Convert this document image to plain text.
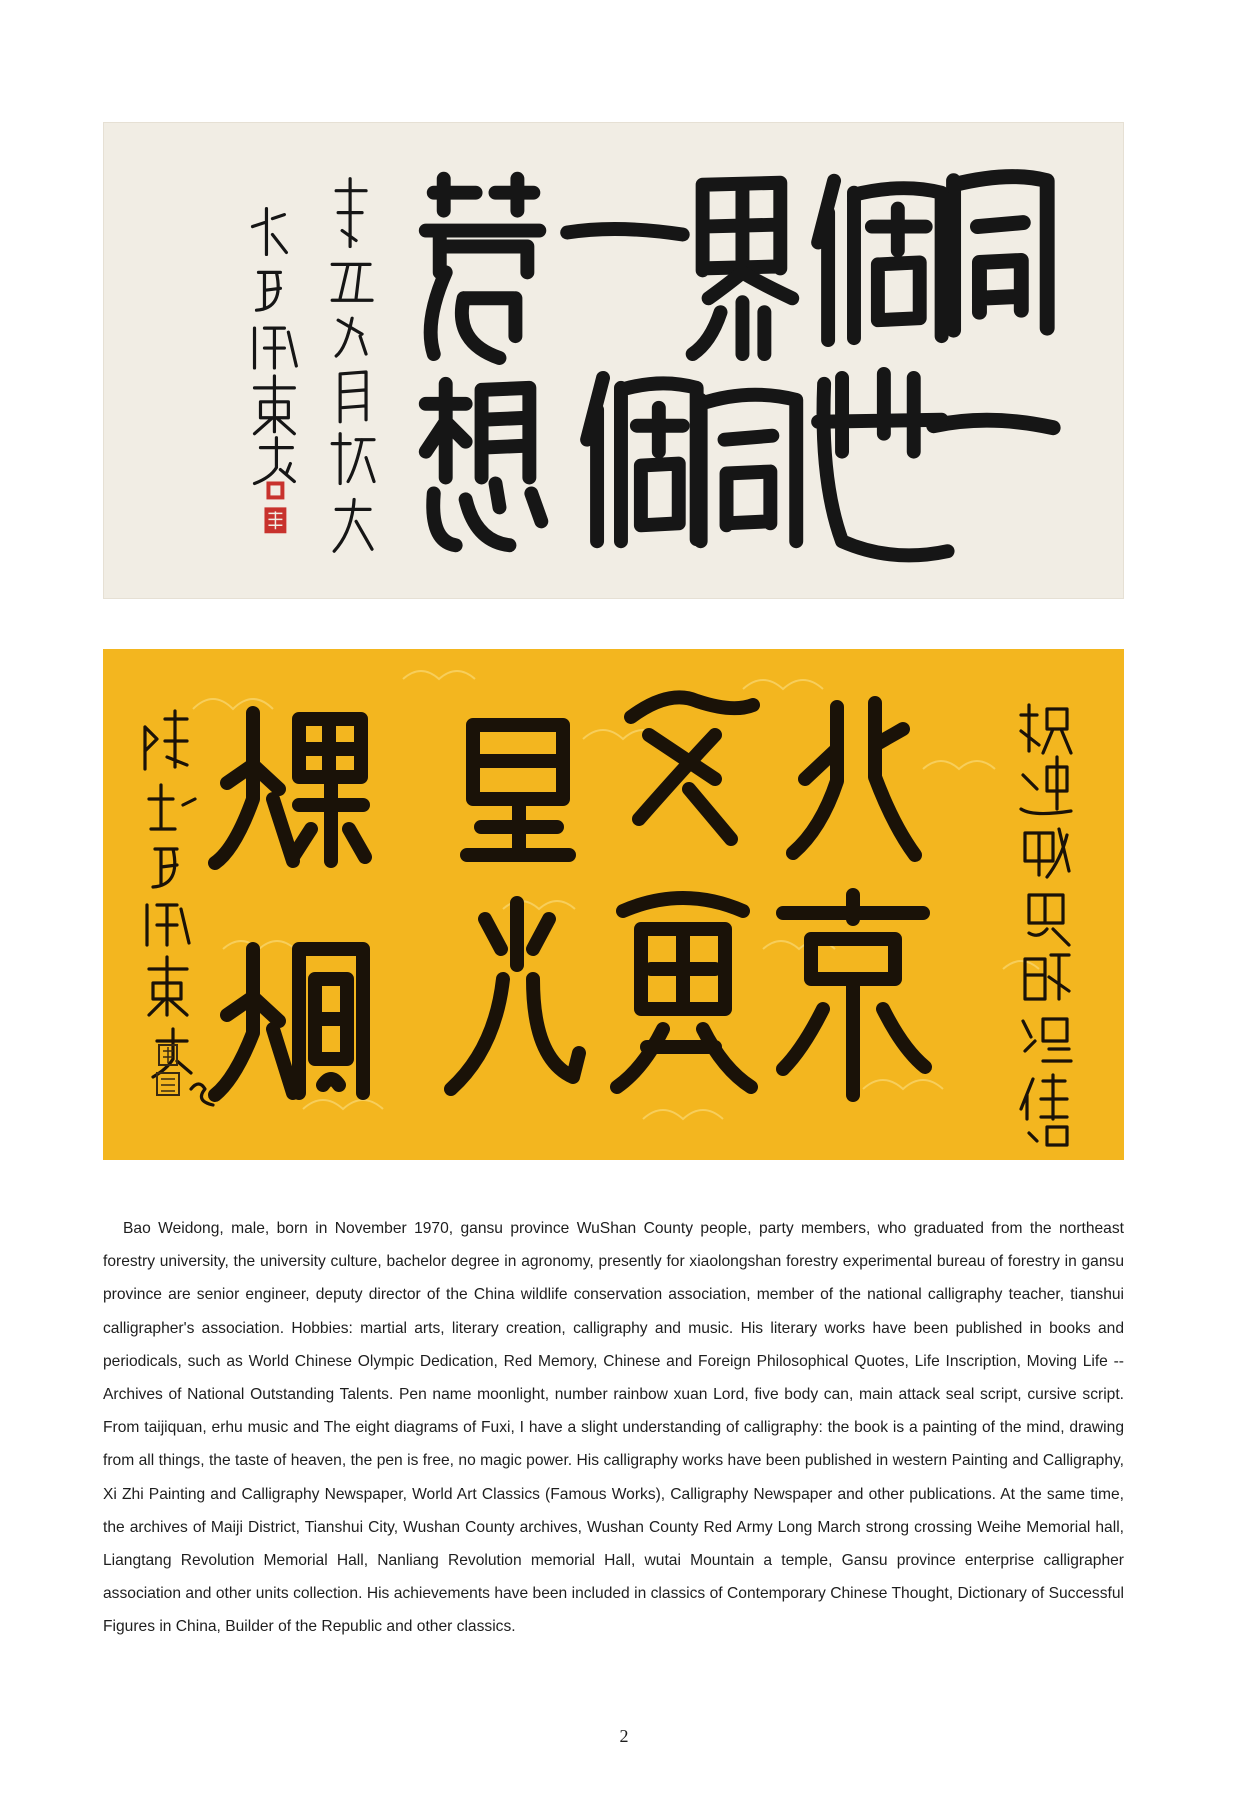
Bao Weidong, male, born in November 1970, gansu province WuShan County people, party members, who graduated from the northeast forestry university, the university culture, bachelor degree in agronomy, presently for xiaolongshan forestry experimental bureau of forestry in gansu province are senior engineer, deputy director of the China wildlife conservation association, member of the national calligraphy teacher, tianshui calligrapher's association. Hobbies: martial arts, literary creation, calligraphy and music. His literary works have been published in books and periodicals, such as World Chinese Olympic Dedication, Red Memory, Chinese and Foreign Philosophical Quotes, Life Inscription, Moving Life -- Archives of National Outstanding Talents. Pen name moonlight, number rainbow xuan Lord, five body can, main attack seal script, cursive script. From taijiquan, erhu music and The eight diagrams of Fuxi, I have a slight understanding of calligraphy: the book is a painting of the mind, drawing from all things, the taste of heaven, the pen is free, no magic power. His calligraphy works have been published in western Painting and Calligraphy, Xi Zhi Painting and Calligraphy Newspaper, World Art Classics (Famous Works), Calligraphy Newspaper and other publications. At the same time, the archives of Maiji District, Tianshui City, Wushan County archives, Wushan County Red Army Long March strong crossing Weihe Memorial hall, Liangtang Revolution Memorial Hall, Nanliang Revolution memorial Hall, wutai Mountain a temple, Gansu province enterprise calligrapher association and other units collection. His achievements have been included in classics of Contemporary Chinese Thought, Dictionary of Successful Figures in China, Builder of the Republic and other classics.

2
